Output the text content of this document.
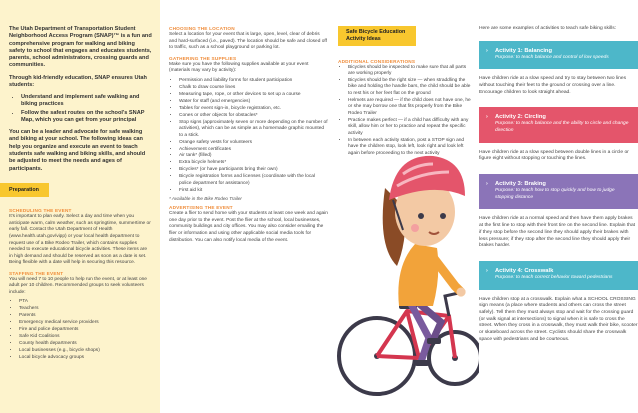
The Utah Department of Transportation Student Neighborhood Access Program (SNAP)™ is a fun and comprehensive program for walking and biking safety to school that engages and educates students, parents, school administrators, crossing guards and communities.

Through kid-friendly education, SNAP ensures Utah students:

• Understand and implement safe walking and biking practices
• Follow the safest routes on the school's SNAP Map, which you can get from your principal

You can be a leader and advocate for safe walking and biking at your school. The following ideas can help you organize and execute an event to teach students safe walking and biking skills, and should be adjusted to meet the needs and ages of participants.

Preparation
SCHEDULING THE EVENT

It's important to plan early. Select a day and time when you anticipate warm, calm weather, such as springtime, summertime or early fall. Contact the Utah Department of Health (www.health.utah.gov/vipp) or your local health department to request use of a Bike Rodeo Trailer, which contains supplies needed to execute educational bicycle activities. These items are in high demand and should be reserved as soon as a date is set. Being flexible with a date will help in securing this resource.

STAFFING THE EVENT

You will need 7 to 10 people to help run the event, or at least one adult per 10 children. Recommended groups to seek volunteers include:

• PTA
• Teachers
• Parents
• Emergency medical service providers
• Fire and police departments
• Safe Kid Coalitions
• County health departments
• Local businesses (e.g., bicycle shops)
• Local bicycle advocacy groups
CHOOSING THE LOCATION

Select a location for your event that is large, open, level, clear of debris and hard-surfaced (i.e., paved). The location should be safe and closed off to traffic, such as a school playground or parking lot.

GATHERING THE SUPPLIES

Make sure you have the following supplies available at your event (materials may vary by activity):

• Permission and liability forms for student participation
• Chalk to draw course lines
• Measuring tape, rope, or other devices to set up a course
• Water for staff (and emergencies)
• Tables for event sign-in, bicycle registration, etc.
• Cones or other objects for obstacles*
• Stop signs (approximately seven or more depending on the number of activities), which can be as simple as a homemade graphic mounted to a stick.
• Orange safety vests for volunteers
• Achievement certificates
• Air tank* (filled)
• Extra bicycle helmets*
• Bicycles* (or have participants bring their own)
• Bicycle registration forms and licenses (coordinate with the local police department for assistance)
• First aid kit

* Available in the Bike Rodeo Trailer

ADVERTISING THE EVENT

Create a flier to send home with your students at least one week and again one day prior to the event. Post the flier at the school, local businesses, community buildings and city offices. You may also consider emailing the flier or information and using other applicable social media tools for distribution. You can also notify local media of the event.

Safe Bicycle Education Activity Ideas
ADDITIONAL CONSIDERATIONS
• Bicycles should be inspected to make sure that all parts are working properly
• Bicycles should be the right size — when straddling the bike and holding the handle bars, the child should be able to rest his or her feet flat on the ground
• Helmets are required — if the child does not have one, he or she may borrow one that fits properly from the Bike Rodeo Trailer
• Practice makes perfect — if a child has difficulty with any skill, allow him or her to practice and repeat the specific activity
• In between each activity station, post a STOP sign and have the children stop, look left, look right and look left again before proceeding to the next activity

Here are some examples of activities to teach safe biking skills:

› Activity 1: Balancing
Purpose: to teach balance and control of low speeds

Have children ride at a slow speed and try to stay between two lines without touching their feet to the ground or crossing over a line. Encourage children to look straight ahead.

› Activity 2: Circling
Purpose: to teach balance and the ability to circle and change direction

Have children ride at a slow speed between double lines in a circle or figure eight without stopping or touching the lines.

› Activity 3: Braking
Purpose: to teach how to stop quickly and how to judge stopping distance

Have children ride at a normal speed and then have them apply brakes at the first line to stop with their front tire on the second line. Explain that if they stop before the second line they should apply their brakes with less pressure; if they stop after the second line they should apply their brakes harder.

› Activity 4: Crosswalk
Purpose: to teach correct behavior toward pedestrians

Have children stop at a crosswalk. Explain what a SCHOOL CROSSING sign means (a place where students and others can cross the street safely). Tell them they must always stop and wait for the crossing guard (or walk signal at intersections) to signal when it is safe to cross the street. When they cross in a crosswalk, they must walk their bike, scooter or skateboard across the street. Cyclists should share the crosswalk space with pedestrians and be courteous.
